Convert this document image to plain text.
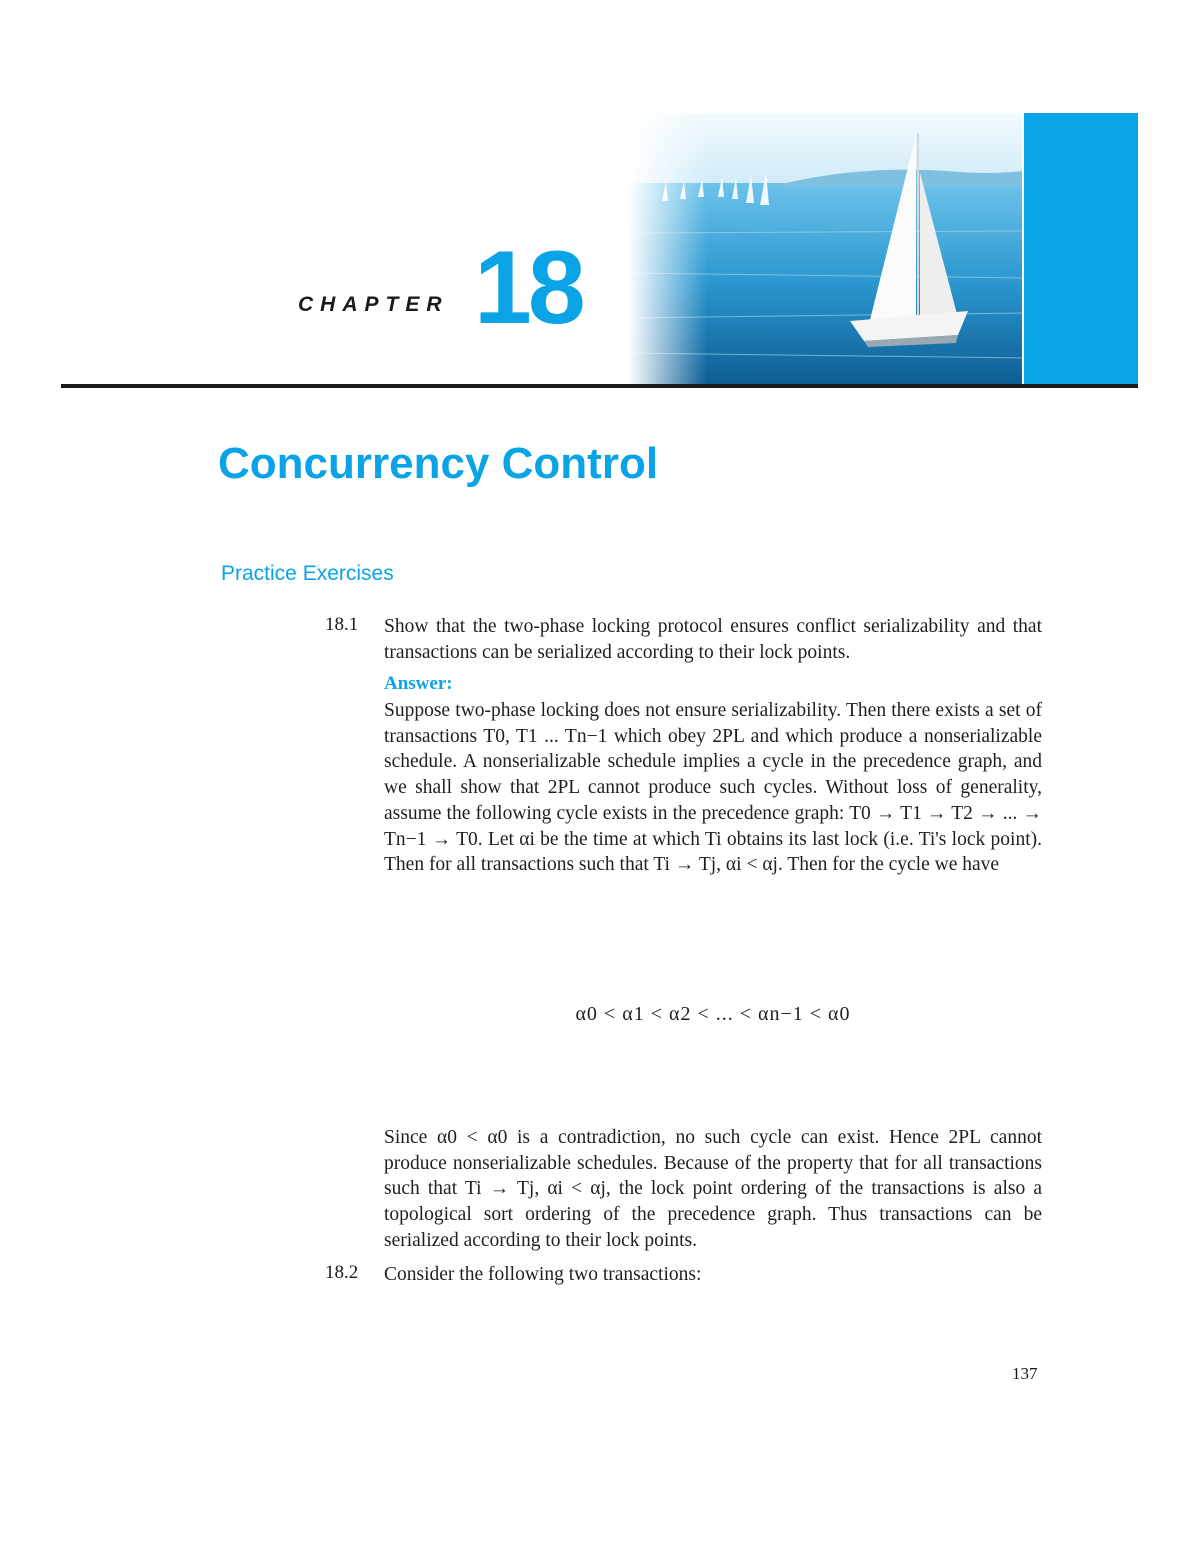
CHAPTER 18
Concurrency Control
Practice Exercises
18.1 Show that the two-phase locking protocol ensures conflict serializability and that transactions can be serialized according to their lock points.
Answer:
Suppose two-phase locking does not ensure serializability. Then there exists a set of transactions T0, T1 ... Tn−1 which obey 2PL and which produce a nonserializable schedule. A nonserializable schedule implies a cycle in the precedence graph, and we shall show that 2PL cannot produce such cycles. Without loss of generality, assume the following cycle exists in the precedence graph: T0 → T1 → T2 → ... → Tn−1 → T0. Let αi be the time at which Ti obtains its last lock (i.e. Ti's lock point). Then for all transactions such that Ti → Tj, αi < αj. Then for the cycle we have
α0 < α1 < α2 < ... < αn−1 < α0
Since α0 < α0 is a contradiction, no such cycle can exist. Hence 2PL cannot produce nonserializable schedules. Because of the property that for all transactions such that Ti → Tj, αi < αj, the lock point ordering of the transactions is also a topological sort ordering of the precedence graph. Thus transactions can be serialized according to their lock points.
18.2 Consider the following two transactions:
137
